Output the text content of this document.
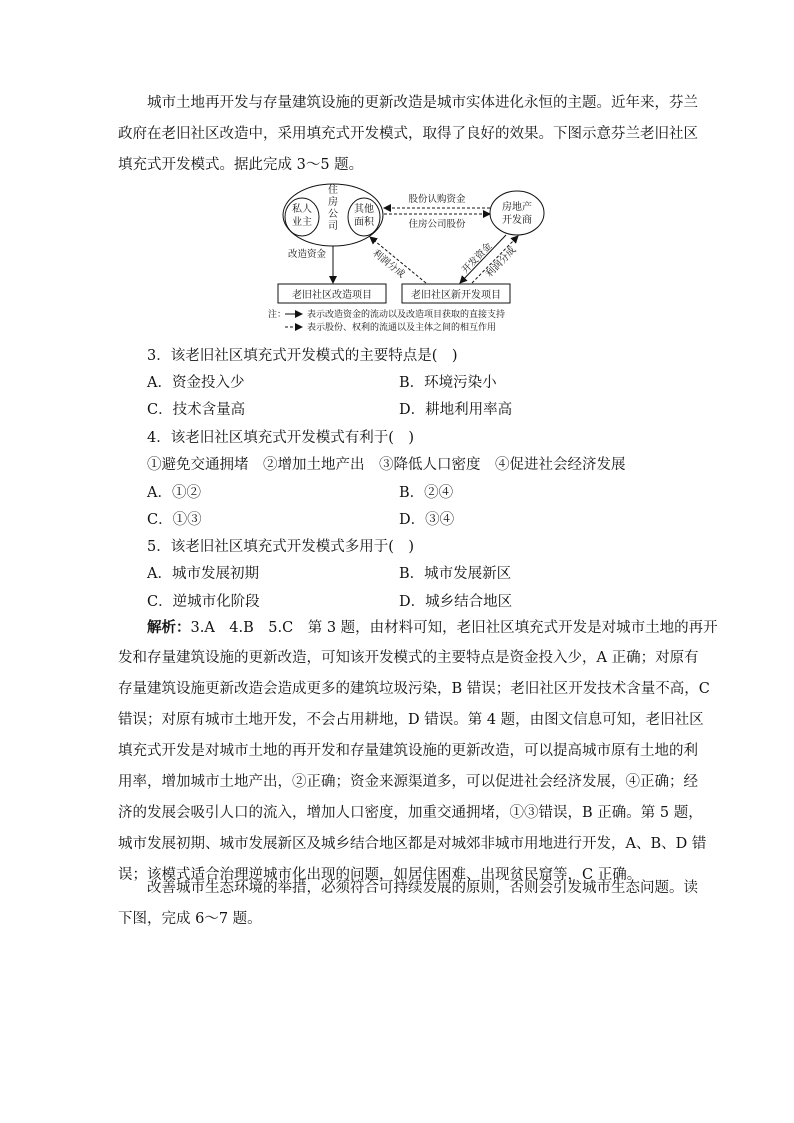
城市土地再开发与存量建筑设施的更新改造是城市实体进化永恒的主题。近年来，芬兰
政府在老旧社区改造中，采用填充式开发模式，取得了良好的效果。下图示意芬兰老旧社区
填充式开发模式。据此完成 3～5 题。
私人
业主
住
房
公
司
其他
面积
房地产
开发商
股份认购资金
住房公司股份
改造资金	利润分成	开发资金
利润分成
老旧社区改造项目	老旧社区新开发项目
注： 表示改造资金的流动以及改造项目获取的直接支持
表示股份、权利的流通以及主体之间的相互作用
3．该老旧社区填充式开发模式的主要特点是(　)
A．资金投入少	B．环境污染小
C．技术含量高	D．耕地利用率高
4．该老旧社区填充式开发模式有利于(　)
①避免交通拥堵　②增加土地产出　③降低人口密度　④促进社会经济发展
A．①②	B．②④
C．①③	D．③④
5．该老旧社区填充式开发模式多用于(　)
A．城市发展初期	B．城市发展新区
C．逆城市化阶段	D．城乡结合地区
解析：3.A　4.B　5.C　第 3 题，由材料可知，老旧社区填充式开发是对城市土地的再开
发和存量建筑设施的更新改造，可知该开发模式的主要特点是资金投入少，A 正确；对原有
存量建筑设施更新改造会造成更多的建筑垃圾污染，B 错误；老旧社区开发技术含量不高，C
错误；对原有城市土地开发，不会占用耕地，D 错误。第 4 题，由图文信息可知，老旧社区
填充式开发是对城市土地的再开发和存量建筑设施的更新改造，可以提高城市原有土地的利
用率，增加城市土地产出，②正确；资金来源渠道多，可以促进社会经济发展，④正确；经
济的发展会吸引人口的流入，增加人口密度，加重交通拥堵，①③错误，B 正确。第 5 题，
城市发展初期、城市发展新区及城乡结合地区都是对城郊非城市用地进行开发，A、B、D 错
误；该模式适合治理逆城市化出现的问题，如居住困难、出现贫民窟等，C 正确。
改善城市生态环境的举措，必须符合可持续发展的原则，否则会引发城市生态问题。读
下图，完成 6～7 题。
